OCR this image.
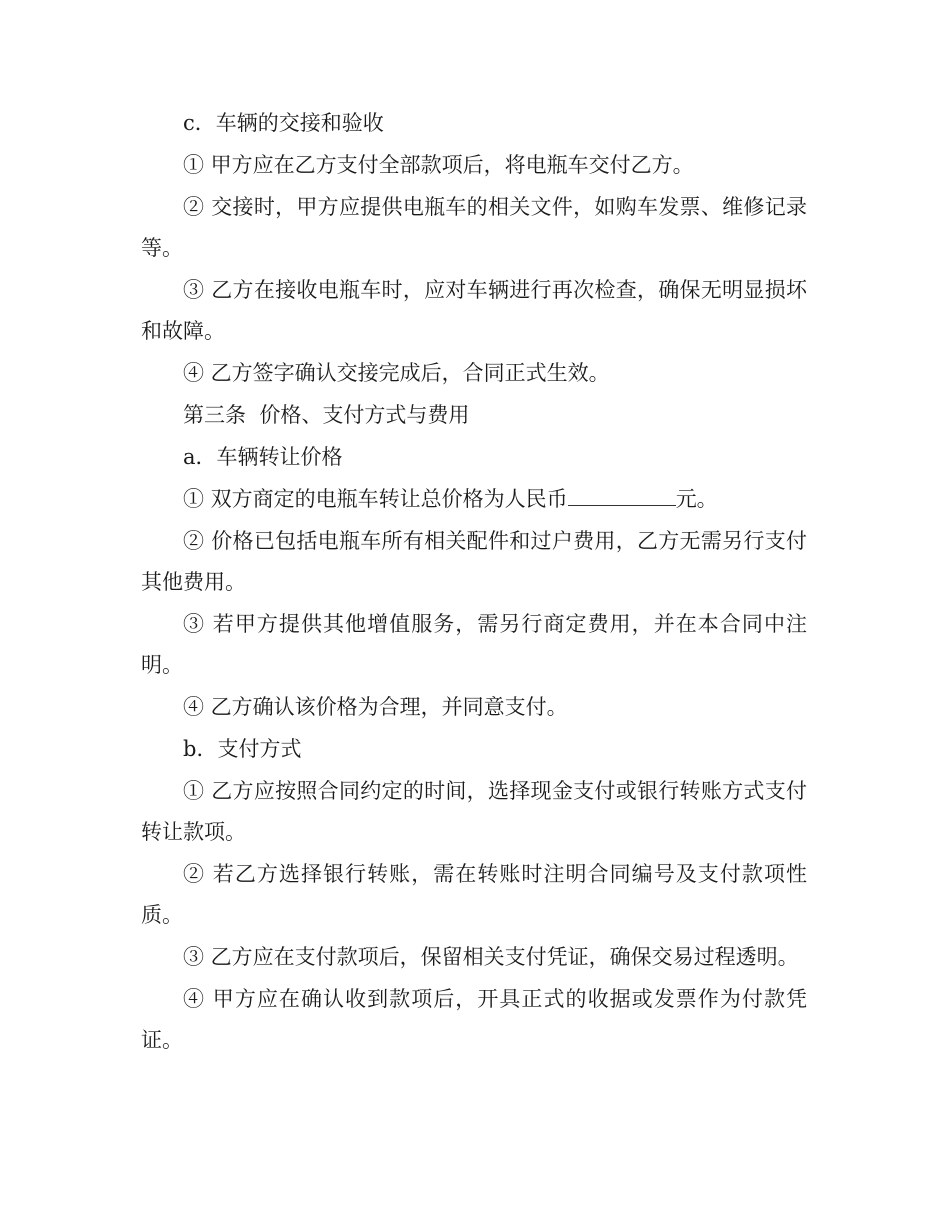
c．车辆的交接和验收

① 甲方应在乙方支付全部款项后，将电瓶车交付乙方。

② 交接时，甲方应提供电瓶车的相关文件，如购车发票、维修记录等。

③ 乙方在接收电瓶车时，应对车辆进行再次检查，确保无明显损坏和故障。

④ 乙方签字确认交接完成后，合同正式生效。

第三条  价格、支付方式与费用

a．车辆转让价格

① 双方商定的电瓶车转让总价格为人民币	元。

② 价格已包括电瓶车所有相关配件和过户费用，乙方无需另行支付其他费用。

③ 若甲方提供其他增值服务，需另行商定费用，并在本合同中注明。

④ 乙方确认该价格为合理，并同意支付。

b．支付方式

① 乙方应按照合同约定的时间，选择现金支付或银行转账方式支付转让款项。

② 若乙方选择银行转账，需在转账时注明合同编号及支付款项性质。

③ 乙方应在支付款项后，保留相关支付凭证，确保交易过程透明。

④ 甲方应在确认收到款项后，开具正式的收据或发票作为付款凭证。
